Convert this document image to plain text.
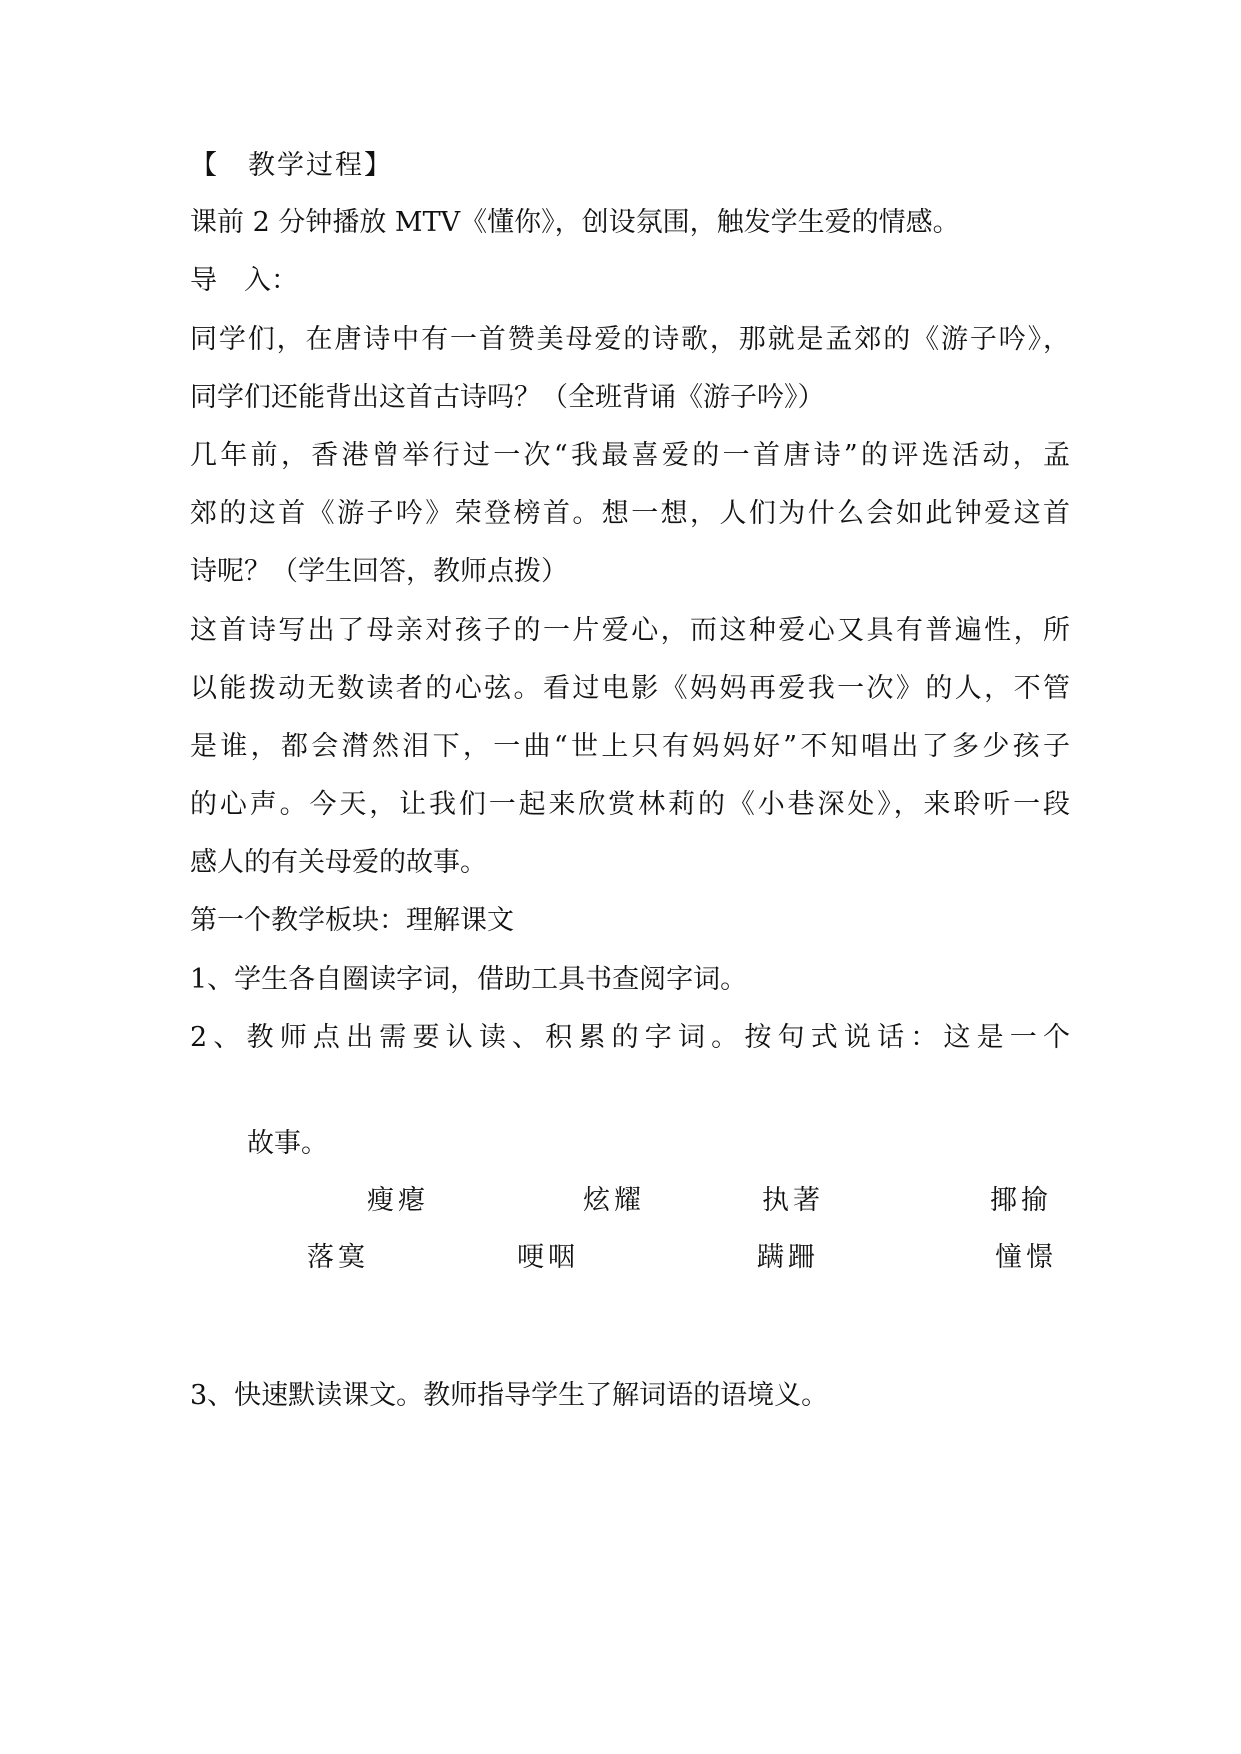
【　教学过程】
课前 2 分钟播放 MTV《懂你》，创设氛围，触发学生爱的情感。
导　入：
同学们，在唐诗中有一首赞美母爱的诗歌，那就是孟郊的《游子吟》，
同学们还能背出这首古诗吗？（全班背诵《游子吟》）
几年前，香港曾举行过一次“我最喜爱的一首唐诗”的评选活动，孟
郊的这首《游子吟》荣登榜首。想一想，人们为什么会如此钟爱这首
诗呢？（学生回答，教师点拨）
这首诗写出了母亲对孩子的一片爱心，而这种爱心又具有普遍性，所
以能拨动无数读者的心弦。看过电影《妈妈再爱我一次》的人，不管
是谁，都会潸然泪下，一曲“世上只有妈妈好”不知唱出了多少孩子
的心声。今天，让我们一起来欣赏林莉的《小巷深处》，来聆听一段
感人的有关母爱的故事。
第一个教学板块：理解课文
1、学生各自圈读字词，借助工具书查阅字词。
2、教师点出需要认读、积累的字词。按句式说话：这是一个
故事。
瘦瘪	炫耀	执著	揶揄
落寞	哽咽	蹒跚	憧憬
3、快速默读课文。教师指导学生了解词语的语境义。
